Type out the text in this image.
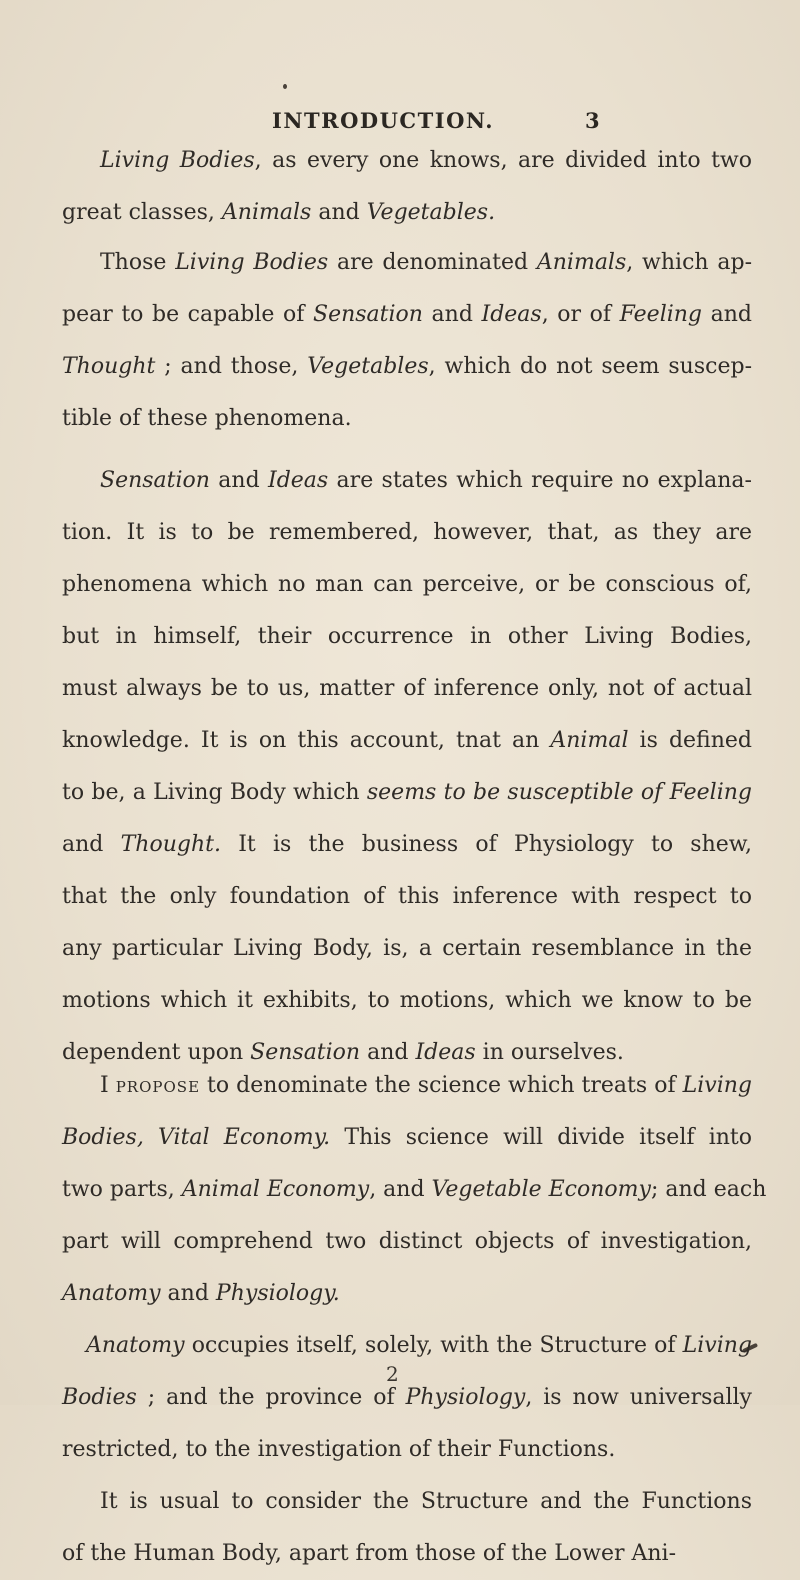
INTRODUCTION.	3
Living Bodies, as every one knows, are divided into two
great classes, Animals and Vegetables.
Those Living Bodies are denominated Animals, which ap-
pear to be capable of Sensation and Ideas, or of Feeling and
Thought ; and those, Vegetables, which do not seem suscep-
tible of these phenomena.
Sensation and Ideas are states which require no explana-
tion. It is to be remembered, however, that, as they are
phenomena which no man can perceive, or be conscious of,
but in himself, their occurrence in other Living Bodies,
must always be to us, matter of inference only, not of actual
knowledge. It is on this account, tnat an Animal is defined
to be, a Living Body which seems to be susceptible of Feeling
and Thought. It is the business of Physiology to shew,
that the only foundation of this inference with respect to
any particular Living Body, is, a certain resemblance in the
motions which it exhibits, to motions, which we know to be
dependent upon Sensation and Ideas in ourselves.
I PROPOSE to denominate the science which treats of Living
Bodies, Vital Economy. This science will divide itself into
two parts, Animal Economy, and Vegetable Economy; and each
part will comprehend two distinct objects of investigation,
Anatomy and Physiology.
2
Anatomy occupies itself, solely, with the Structure of Living
Bodies ; and the province of Physiology, is now universally
restricted, to the investigation of their Functions.
It is usual to consider the Structure and the Functions
of the Human Body, apart from those of the Lower Ani-
